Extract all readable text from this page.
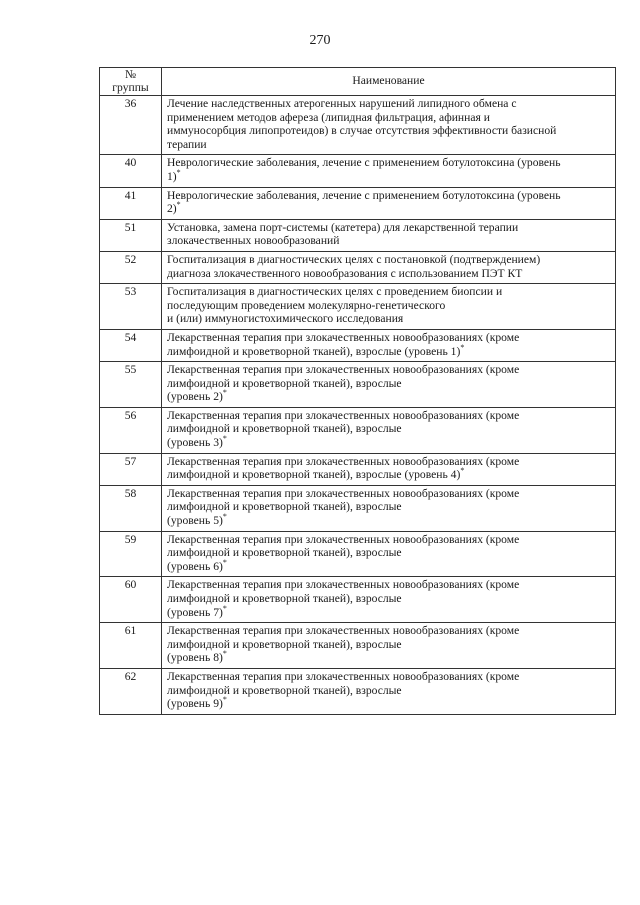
270
№
группы	Наименование
36	Лечение наследственных атерогенных нарушений липидного обмена с
применением методов афереза (липидная фильтрация, афинная и
иммуносорбция липопротеидов) в случае отсутствия эффективности базисной
терапии
40	Неврологические заболевания, лечение с применением ботулотоксина (уровень
1)*
41	Неврологические заболевания, лечение с применением ботулотоксина (уровень
2)*
51	Установка, замена порт-системы (катетера) для лекарственной терапии
злокачественных новообразований
52	Госпитализация в диагностических целях с постановкой (подтверждением)
диагноза злокачественного новообразования с использованием ПЭТ КТ
53	Госпитализация в диагностических целях с проведением биопсии и
последующим проведением молекулярно-генетического
и (или) иммуногистохимического исследования
54	Лекарственная терапия при злокачественных новообразованиях (кроме
лимфоидной и кроветворной тканей), взрослые (уровень 1)*
55	Лекарственная терапия при злокачественных новообразованиях (кроме
лимфоидной и кроветворной тканей), взрослые
(уровень 2)*
56	Лекарственная терапия при злокачественных новообразованиях (кроме
лимфоидной и кроветворной тканей), взрослые
(уровень 3)*
57	Лекарственная терапия при злокачественных новообразованиях (кроме
лимфоидной и кроветворной тканей), взрослые (уровень 4)*
58	Лекарственная терапия при злокачественных новообразованиях (кроме
лимфоидной и кроветворной тканей), взрослые
(уровень 5)*
59	Лекарственная терапия при злокачественных новообразованиях (кроме
лимфоидной и кроветворной тканей), взрослые
(уровень 6)*
60	Лекарственная терапия при злокачественных новообразованиях (кроме
лимфоидной и кроветворной тканей), взрослые
(уровень 7)*
61	Лекарственная терапия при злокачественных новообразованиях (кроме
лимфоидной и кроветворной тканей), взрослые
(уровень 8)*
62	Лекарственная терапия при злокачественных новообразованиях (кроме
лимфоидной и кроветворной тканей), взрослые
(уровень 9)*
